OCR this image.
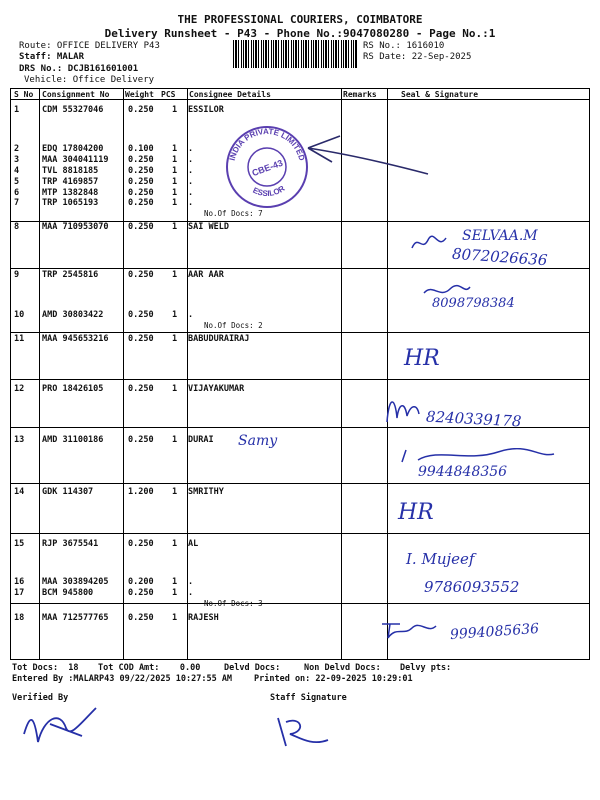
THE PROFESSIONAL COURIERS, COIMBATORE
Delivery Runsheet - P43 - Phone No.:9047080280 - Page No.:1
Route: OFFICE DELIVERY P43
Staff: MALAR
DRS No.: DCJB161601001
Vehicle: Office Delivery
RS No.: 1616010
RS Date: 22-Sep-2025
S No Consignment No Weight PCS Consignee Details	Remarks	Seal & Signature
No.Of Docs: 7
No.Of Docs: 2
No.Of Docs: 3
1	CDM 55327046	0.250 1 ESSILOR
2	EDQ 17804200	0.100 1 .
3	MAA 304041119 0.250 1 .
4	TVL 8818185	0.250 1 .
5	TRP 4169857	0.250 1 .
6	MTP 1382848	0.250 1 .
7	TRP 1065193	0.250 1 .
8	MAA 710953070 0.250 1 SAI WELD
9	TRP 2545816	0.250 1 AAR AAR
10 AMD 30803422	0.250 1 .
11 MAA 945653216 0.250 1 BABUDURAIRAJ
12 PRO 18426105	0.250 1 VIJAYAKUMAR
13 AMD 31100186	0.250 1 DURAI
14 GDK 114307	1.200 1 SMRITHY
15 RJP 3675541	0.250 1 AL
16 MAA 303894205 0.200 1 .
17 BCM 945800	0.250 1 .
18 MAA 712577765 0.250 1 RAJESH
INDIA PRIVATE LIMITED
ESSILOR
CBE-43
SELVAA.M
8072026636
8098798384
HR
8240339178
Samy
9944848356
HR
I. Mujeef
9786093552
9994085636
Tot Docs:  18 Tot COD Amt:    0.00	Delvd Docs:	Non Delvd Docs: Delvy pts:
Entered By :MALARP43 09/22/2025 10:27:55 AM	Printed on: 22-09-2025 10:29:01
Verified By	Staff Signature
